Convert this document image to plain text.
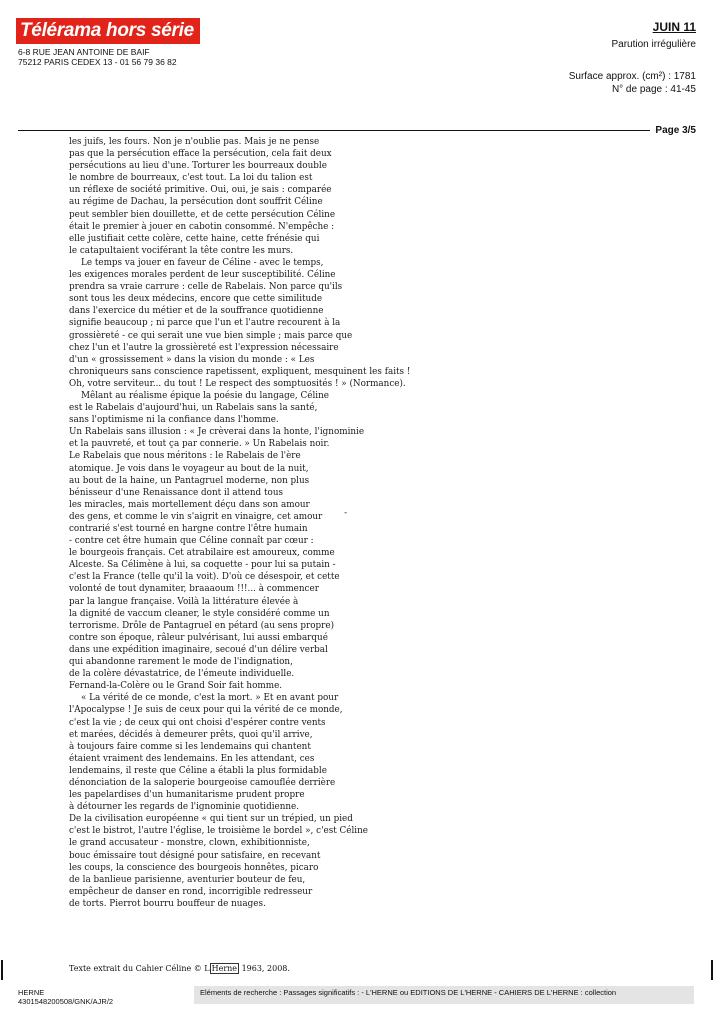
Télérama hors série
6-8 RUE JEAN ANTOINE DE BAIF
75212 PARIS CEDEX 13 - 01 56 79 36 82
JUIN 11
Parution irrégulière
Surface approx. (cm²) : 1781
N° de page : 41-45
Page 3/5
les juifs, les fours. Non je n'oublie pas. Mais je ne pense
pas que la persécution efface la persécution, cela fait deux
persécutions au lieu d'une. Torturer les bourreaux double
le nombre de bourreaux, c'est tout. La loi du talion est
un réflexe de société primitive. Oui, oui, je sais : comparée
au régime de Dachau, la persécution dont souffrit Céline
peut sembler bien douillette, et de cette persécution Céline
était le premier à jouer en cabotin consommé. N'empêche :
elle justifiait cette colère, cette haine, cette frénésie qui
le catapultaient vociférant la tête contre les murs.
Le temps va jouer en faveur de Céline - avec le temps,
les exigences morales perdent de leur susceptibilité. Céline
prendra sa vraie carrure : celle de Rabelais. Non parce qu'ils
sont tous les deux médecins, encore que cette similitude
dans l'exercice du métier et de la souffrance quotidienne
signifie beaucoup ; ni parce que l'un et l'autre recourent à la
grossièreté - ce qui serait une vue bien simple ; mais parce que
chez l'un et l'autre la grossièreté est l'expression nécessaire
d'un « grossissement » dans la vision du monde : « Les
chroniqueurs sans conscience rapetissent, expliquent, mesquinent les faits !
Oh, votre serviteur... du tout ! Le respect des somptuosités ! » (Normance).
Mêlant au réalisme épique la poésie du langage, Céline
est le Rabelais d'aujourd'hui, un Rabelais sans la santé,
sans l'optimisme ni la confiance dans l'homme.
Un Rabelais sans illusion : « Je crèverai dans la honte, l'ignominie
et la pauvreté, et tout ça par connerie. » Un Rabelais noir.
Le Rabelais que nous méritons : le Rabelais de l'ère
atomique. Je vois dans le voyageur au bout de la nuit,
au bout de la haine, un Pantagruel moderne, non plus
bénisseur d'une Renaissance dont il attend tous
les miracles, mais mortellement déçu dans son amour
des gens, et comme le vin s'aigrit en vinaigre, cet amour
contrarié s'est tourné en hargne contre l'être humain
- contre cet être humain que Céline connaît par cœur :
le bourgeois français. Cet atrabilaire est amoureux, comme
Alceste. Sa Célimène à lui, sa coquette - pour lui sa putain -
c'est la France (telle qu'il la voit). D'où ce désespoir, et cette
volonté de tout dynamiter, braaaoum !!!... à commencer
par la langue française. Voilà la littérature élevée à
la dignité de vaccum cleaner, le style considéré comme un
terrorisme. Drôle de Pantagruel en pétard (au sens propre)
contre son époque, râleur pulvérisant, lui aussi embarqué
dans une expédition imaginaire, secoué d'un délire verbal
qui abandonne rarement le mode de l'indignation,
de la colère dévastatrice, de l'émeute individuelle.
Fernand-la-Colère ou le Grand Soir fait homme.
« La vérité de ce monde, c'est la mort. » Et en avant pour
l'Apocalypse ! Je suis de ceux pour qui la vérité de ce monde,
c'est la vie ; de ceux qui ont choisi d'espérer contre vents
et marées, décidés à demeurer prêts, quoi qu'il arrive,
à toujours faire comme si les lendemains qui chantent
étaient vraiment des lendemains. En les attendant, ces
lendemains, il reste que Céline a établi la plus formidable
dénonciation de la saloperie bourgeoise camouflée derrière
les papelardises d'un humanitarisme prudent propre
à détourner les regards de l'ignominie quotidienne.
De la civilisation européenne « qui tient sur un trépied, un pied
c'est le bistrot, l'autre l'église, le troisième le bordel », c'est Céline
le grand accusateur - monstre, clown, exhibitionniste,
bouc émissaire tout désigné pour satisfaire, en recevant
les coups, la conscience des bourgeois honnêtes, picaro
de la banlieue parisienne, aventurier bouteur de feu,
empêcheur de danser en rond, incorrigible redresseur
de torts. Pierrot bourru bouffeur de nuages.
-
Texte extrait du Cahier Céline © L Herne 1963, 2008.
HERNE
4301548200508/GNK/AJR/2
Eléments de recherche : Passages significatifs : - L'HERNE ou EDITIONS DE L'HERNE - CAHIERS DE L'HERNE : collection
